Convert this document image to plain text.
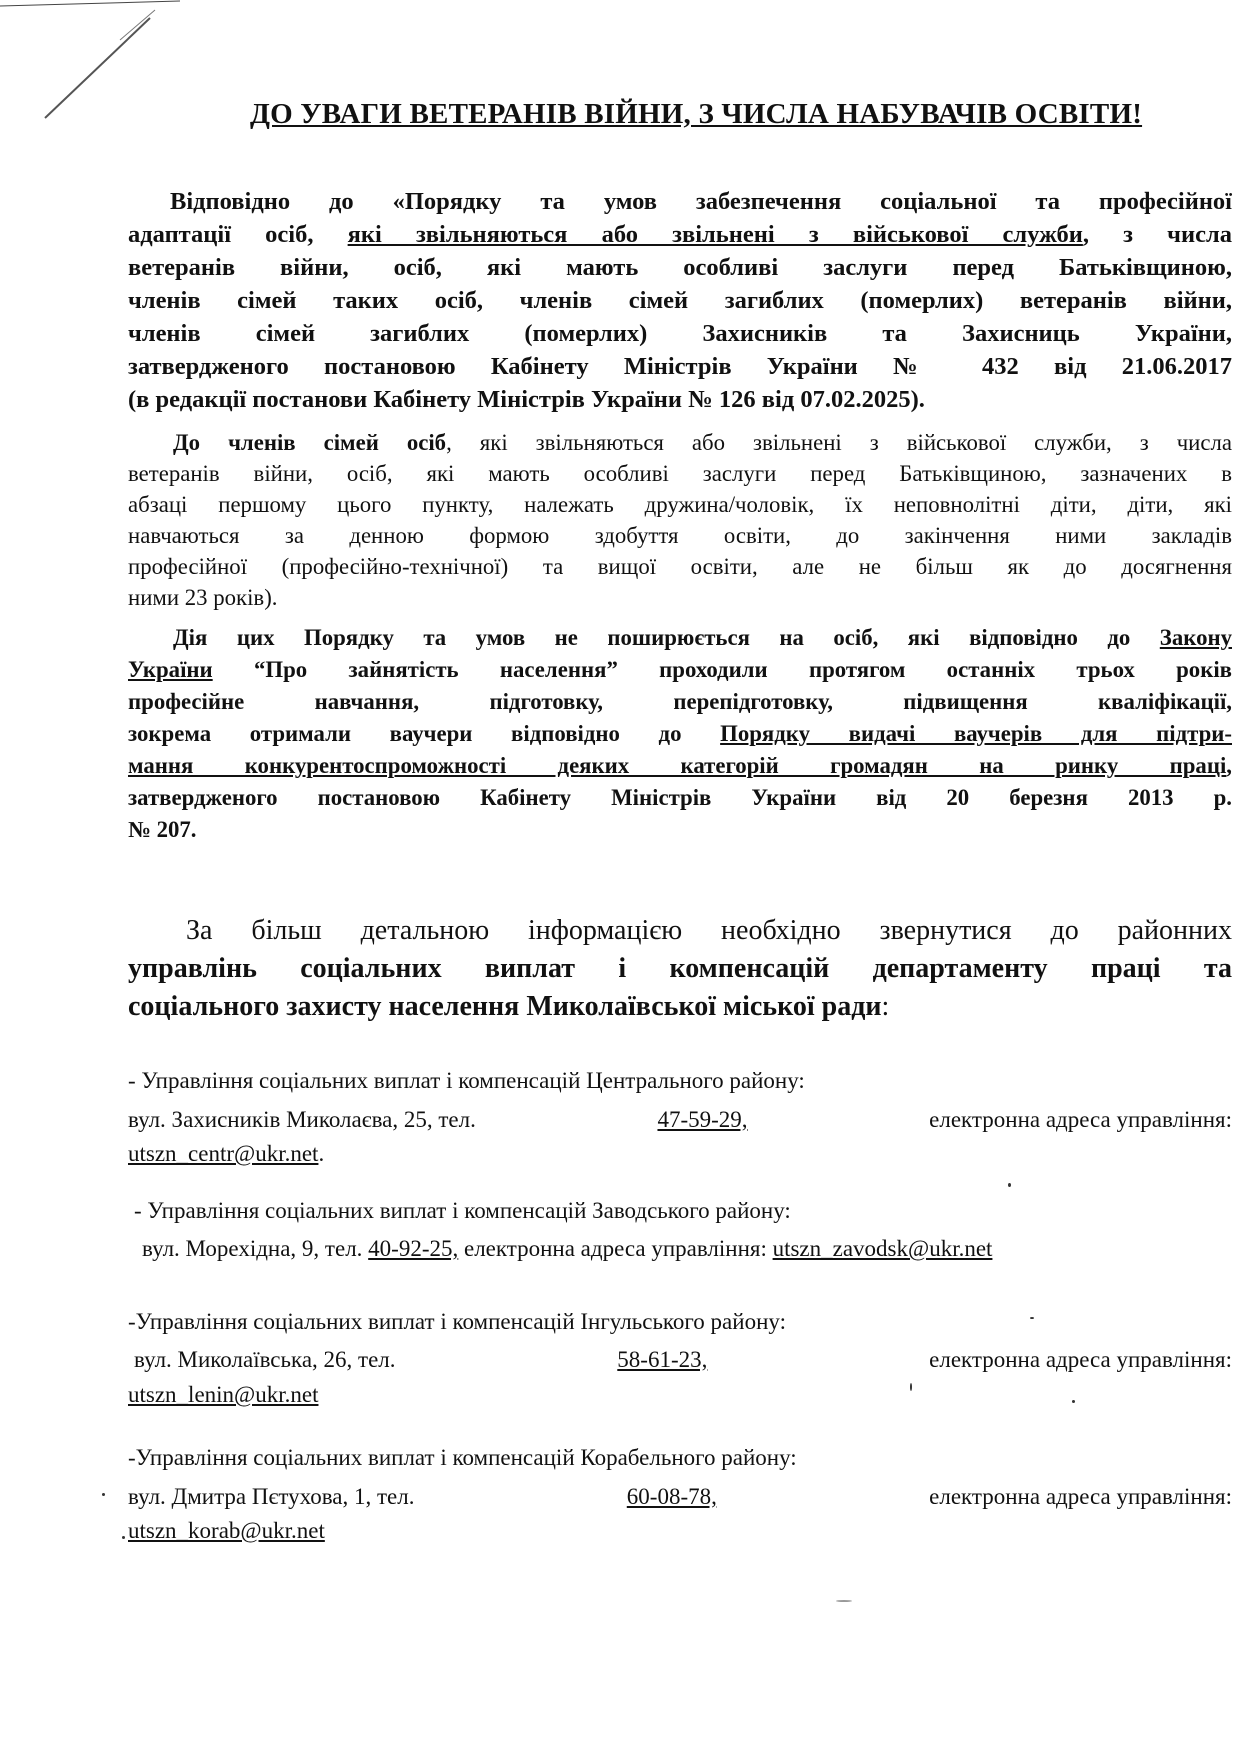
ДО УВАГИ ВЕТЕРАНІВ ВІЙНИ, З ЧИСЛА НАБУВАЧІВ ОСВІТИ!
Відповідно до «Порядку та умов забезпечення соціальної та професійної
адаптації осіб, які звільняються або звільнені з військової служби, з числа
ветеранів війни, осіб, які мають особливі заслуги перед Батьківщиною,
членів сімей таких осіб, членів сімей загиблих (померлих) ветеранів війни,
членів сімей загиблих (померлих) Захисників та Захисниць України,
затвердженого постановою Кабінету Міністрів України № 432 від 21.06.2017
(в редакції постанови Кабінету Міністрів України № 126 від 07.02.2025).
До членів сімей осіб, які звільняються або звільнені з військової служби, з числа
ветеранів війни, осіб, які мають особливі заслуги перед Батьківщиною, зазначених в
абзаці першому цього пункту, належать дружина/чоловік, їх неповнолітні діти, діти, які
навчаються за денною формою здобуття освіти, до закінчення ними закладів
професійної (професійно-технічної) та вищої освіти, але не більш як до досягнення
ними 23 років).
Дія цих Порядку та умов не поширюється на осіб, які відповідно до Закону
України “Про зайнятість населення” проходили протягом останніх трьох років
професійне навчання, підготовку, перепідготовку, підвищення кваліфікації,
зокрема отримали ваучери відповідно до Порядку видачі ваучерів для підтри-
мання конкурентоспроможності деяких категорій громадян на ринку праці,
затвердженого постановою Кабінету Міністрів України від 20 березня 2013 р.
№ 207.
За більш детальною інформацією необхідно звернутися до районних
управлінь соціальних виплат і компенсацій департаменту праці та
соціального захисту населення Миколаївської міської ради:
- Управління соціальних виплат і компенсацій Центрального району:
вул. Захисників Миколаєва, 25, тел.	47-59-29,	електронна адреса управління:
utszn_centr@ukr.net.
- Управління соціальних виплат і компенсацій Заводського району:
вул. Морехідна, 9, тел. 40-92-25, електронна адреса управління: utszn_zavodsk@ukr.net
-Управління соціальних виплат і компенсацій Інгульського району:
вул. Миколаївська, 26, тел.	58-61-23,	електронна адреса управління:
utszn_lenin@ukr.net
-Управління соціальних виплат і компенсацій Корабельного району:
вул. Дмитра Пєтухова, 1, тел.	60-08-78,	електронна адреса управління:
utszn_korab@ukr.net
